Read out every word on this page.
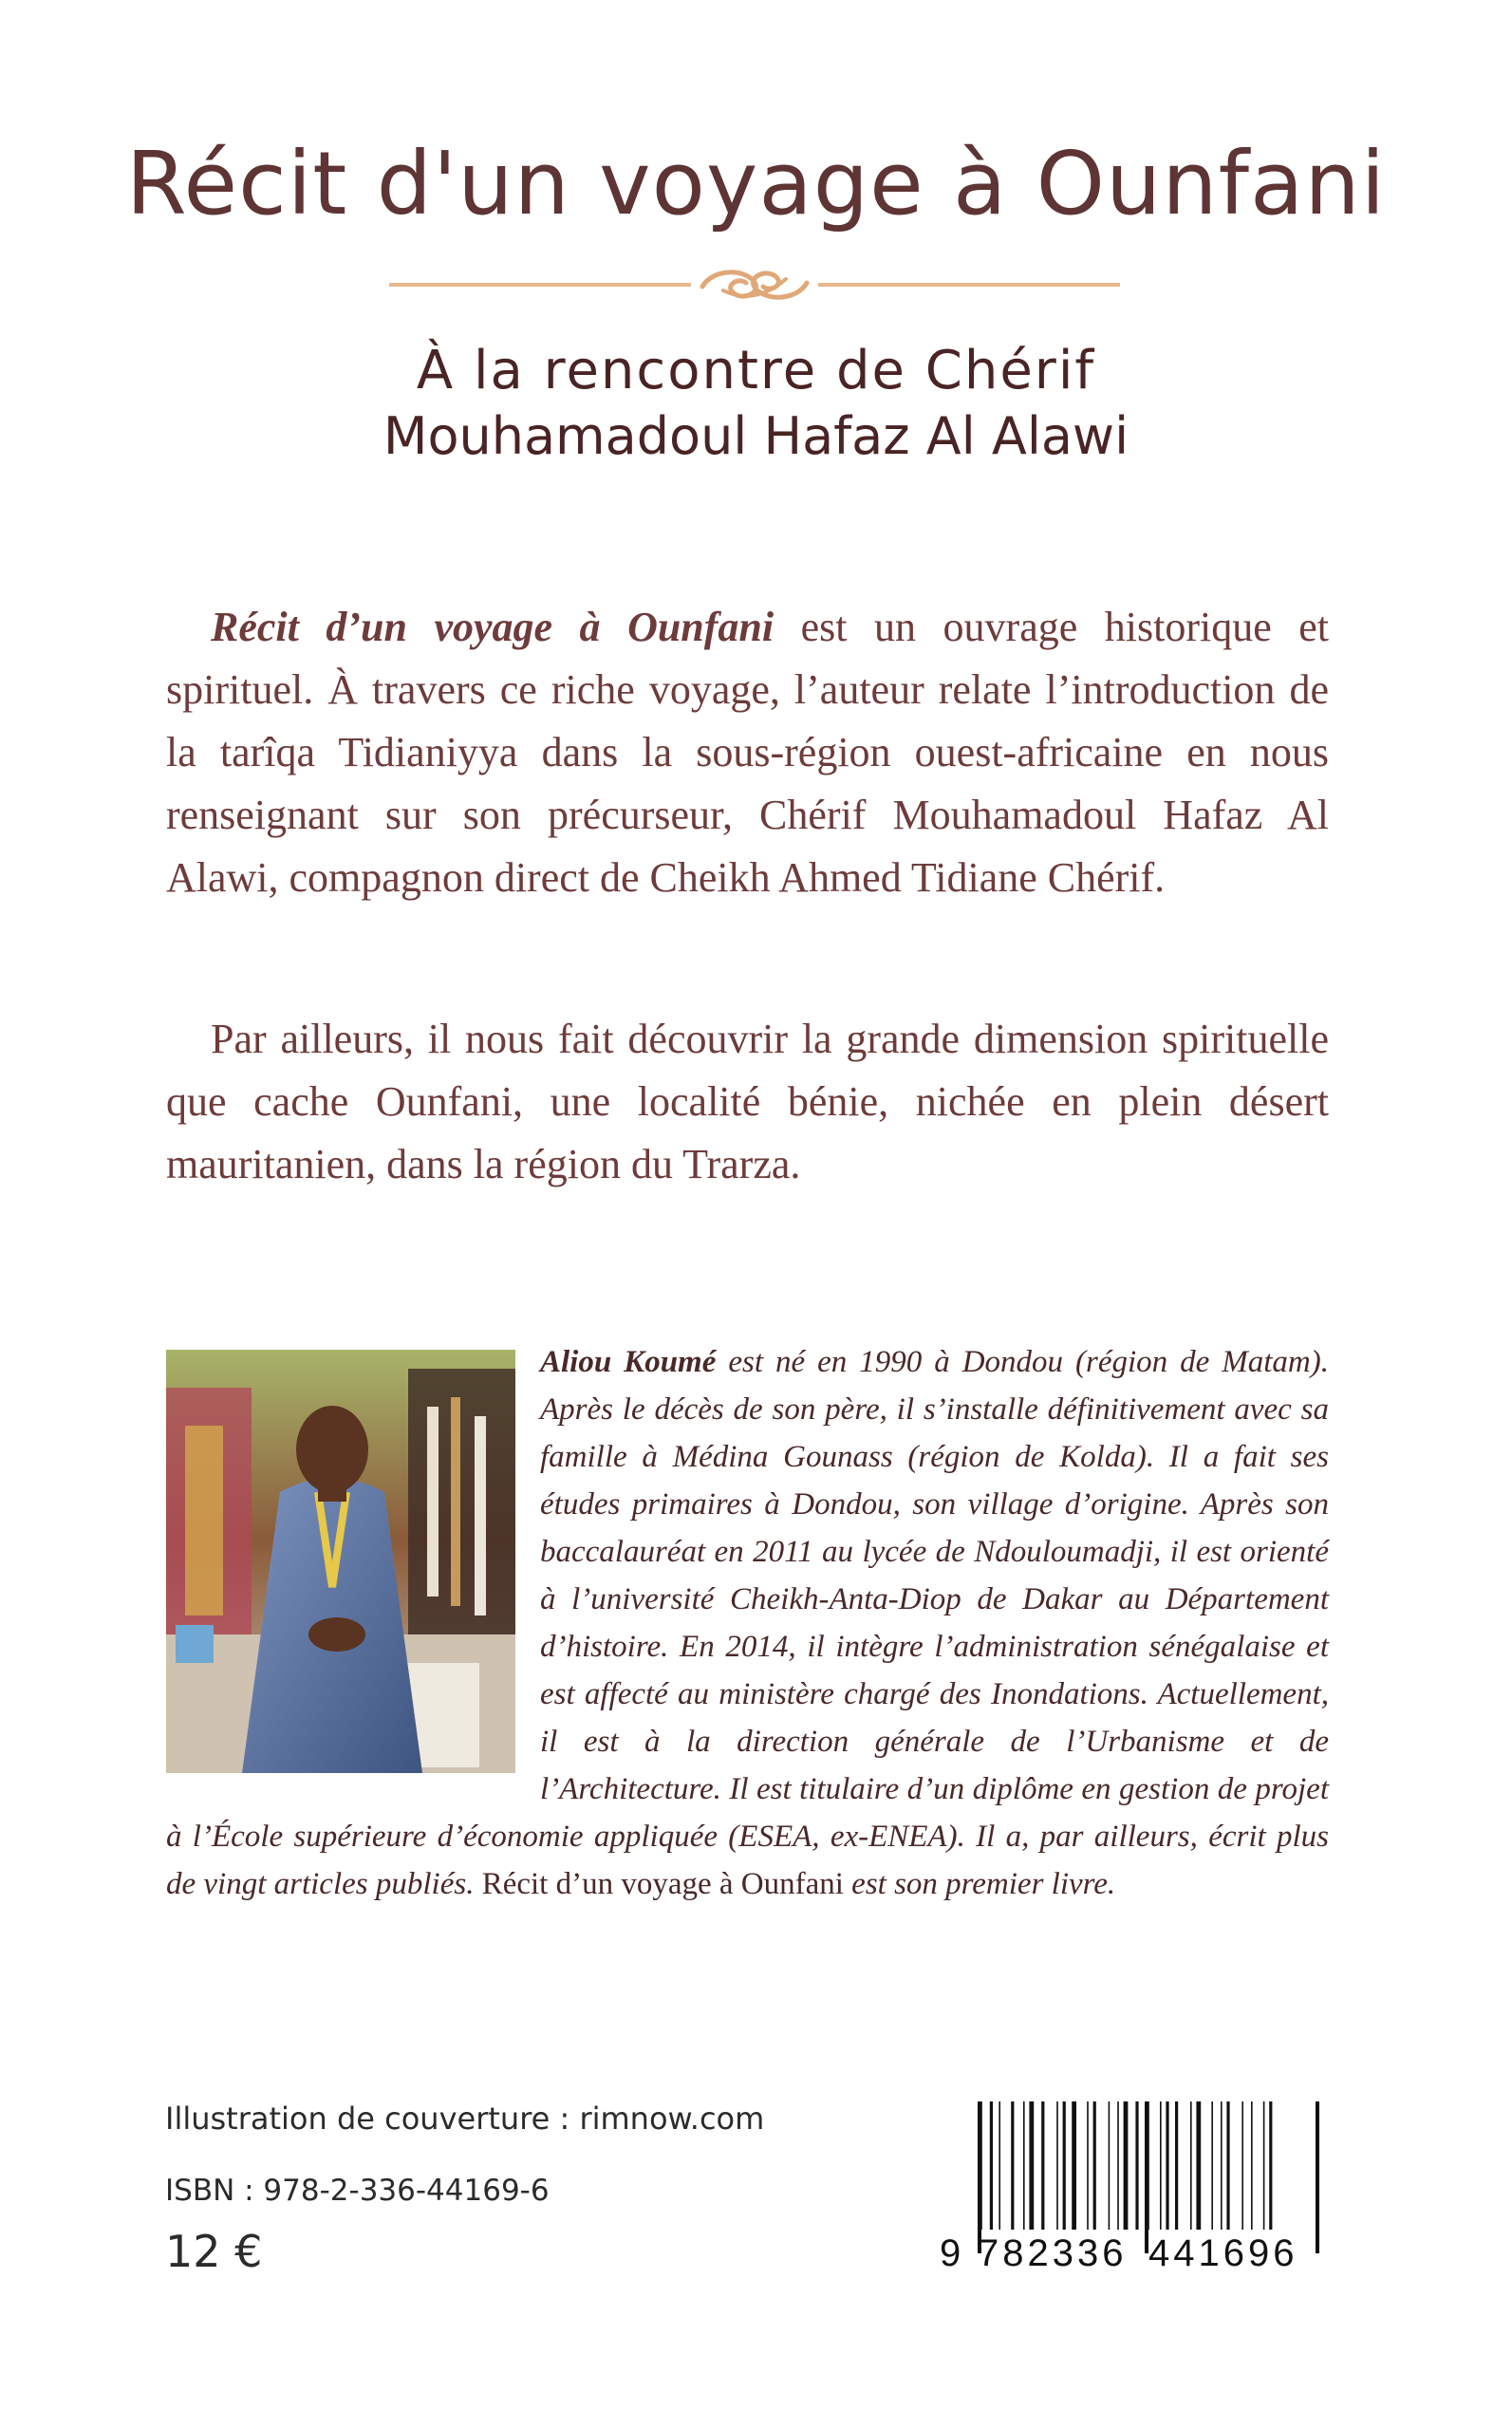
Récit d'un voyage à Ounfani
À la rencontre de Chérif
Mouhamadoul Hafaz Al Alawi

Récit d’un voyage à Ounfani est un ouvrage historique et spirituel. À travers ce riche voyage, l’auteur relate l’introduction de la tarîqa Tidianiyya dans la sous-région ouest-africaine en nous renseignant sur son précurseur, Chérif Mouhamadoul Hafaz Al Alawi, compagnon direct de Cheikh Ahmed Tidiane Chérif.

Par ailleurs, il nous fait découvrir la grande dimension spirituelle que cache Ounfani, une localité bénie, nichée en plein désert mauritanien, dans la région du Trarza.

Aliou Koumé est né en 1990 à Dondou (région de Matam). Après le décès de son père, il s’installe définitivement avec sa famille à Médina Gounass (région de Kolda). Il a fait ses études primaires à Dondou, son village d’origine. Après son baccalauréat en 2011 au lycée de Ndouloumadji, il est orienté à l’université Cheikh-Anta-Diop de Dakar au Département d’histoire. En 2014, il intègre l’administration sénégalaise et est affecté au ministère chargé des Inondations. Actuellement, il est à la direction générale de l’Urbanisme et de l’Architecture. Il est titulaire d’un diplôme en gestion de projet à l’École supérieure d’économie appliquée (ESEA, ex-ENEA). Il a, par ailleurs, écrit plus de vingt articles publiés. Récit d’un voyage à Ounfani est son premier livre.
Illustration de couverture : rimnow.com
ISBN : 978-2-336-44169-6
12 €	9 782336 441696
